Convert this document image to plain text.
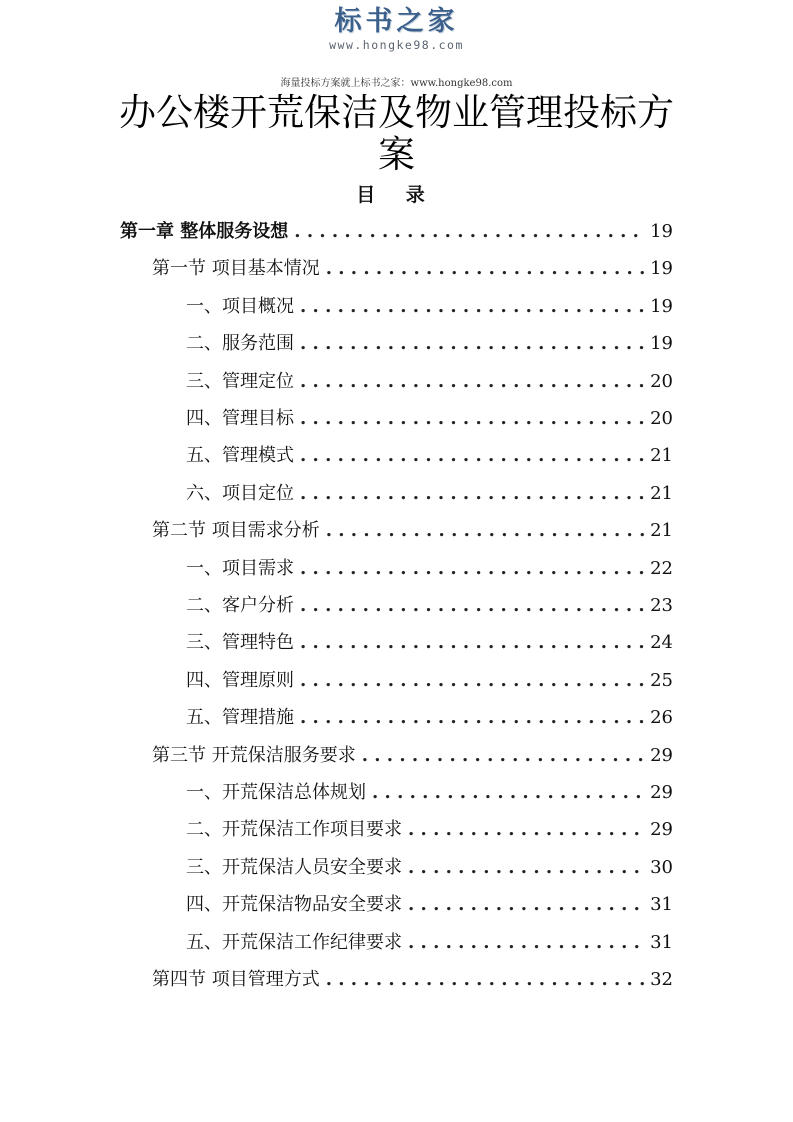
标书之家
www.hongke98.com
海量投标方案就上标书之家：www.hongke98.com
办公楼开荒保洁及物业管理投标方案
目 录
第一章 整体服务设想 . . .	19
第一节 项目基本情况 . . .	19
一、项目概况 . . .	19
二、服务范围 . . .	19
三、管理定位 . . .	20
四、管理目标 . . .	20
五、管理模式 . . .	21
六、项目定位 . . .	21
第二节 项目需求分析 . . .	21
一、项目需求 . . .	22
二、客户分析 . . .	23
三、管理特色 . . .	24
四、管理原则 . . .	25
五、管理措施 . . .	26
第三节 开荒保洁服务要求 . . .	29
一、开荒保洁总体规划 . . .	29
二、开荒保洁工作项目要求 . . .	29
三、开荒保洁人员安全要求 . . .	30
四、开荒保洁物品安全要求 . . .	31
五、开荒保洁工作纪律要求 . . .	31
第四节 项目管理方式 . . .	32
